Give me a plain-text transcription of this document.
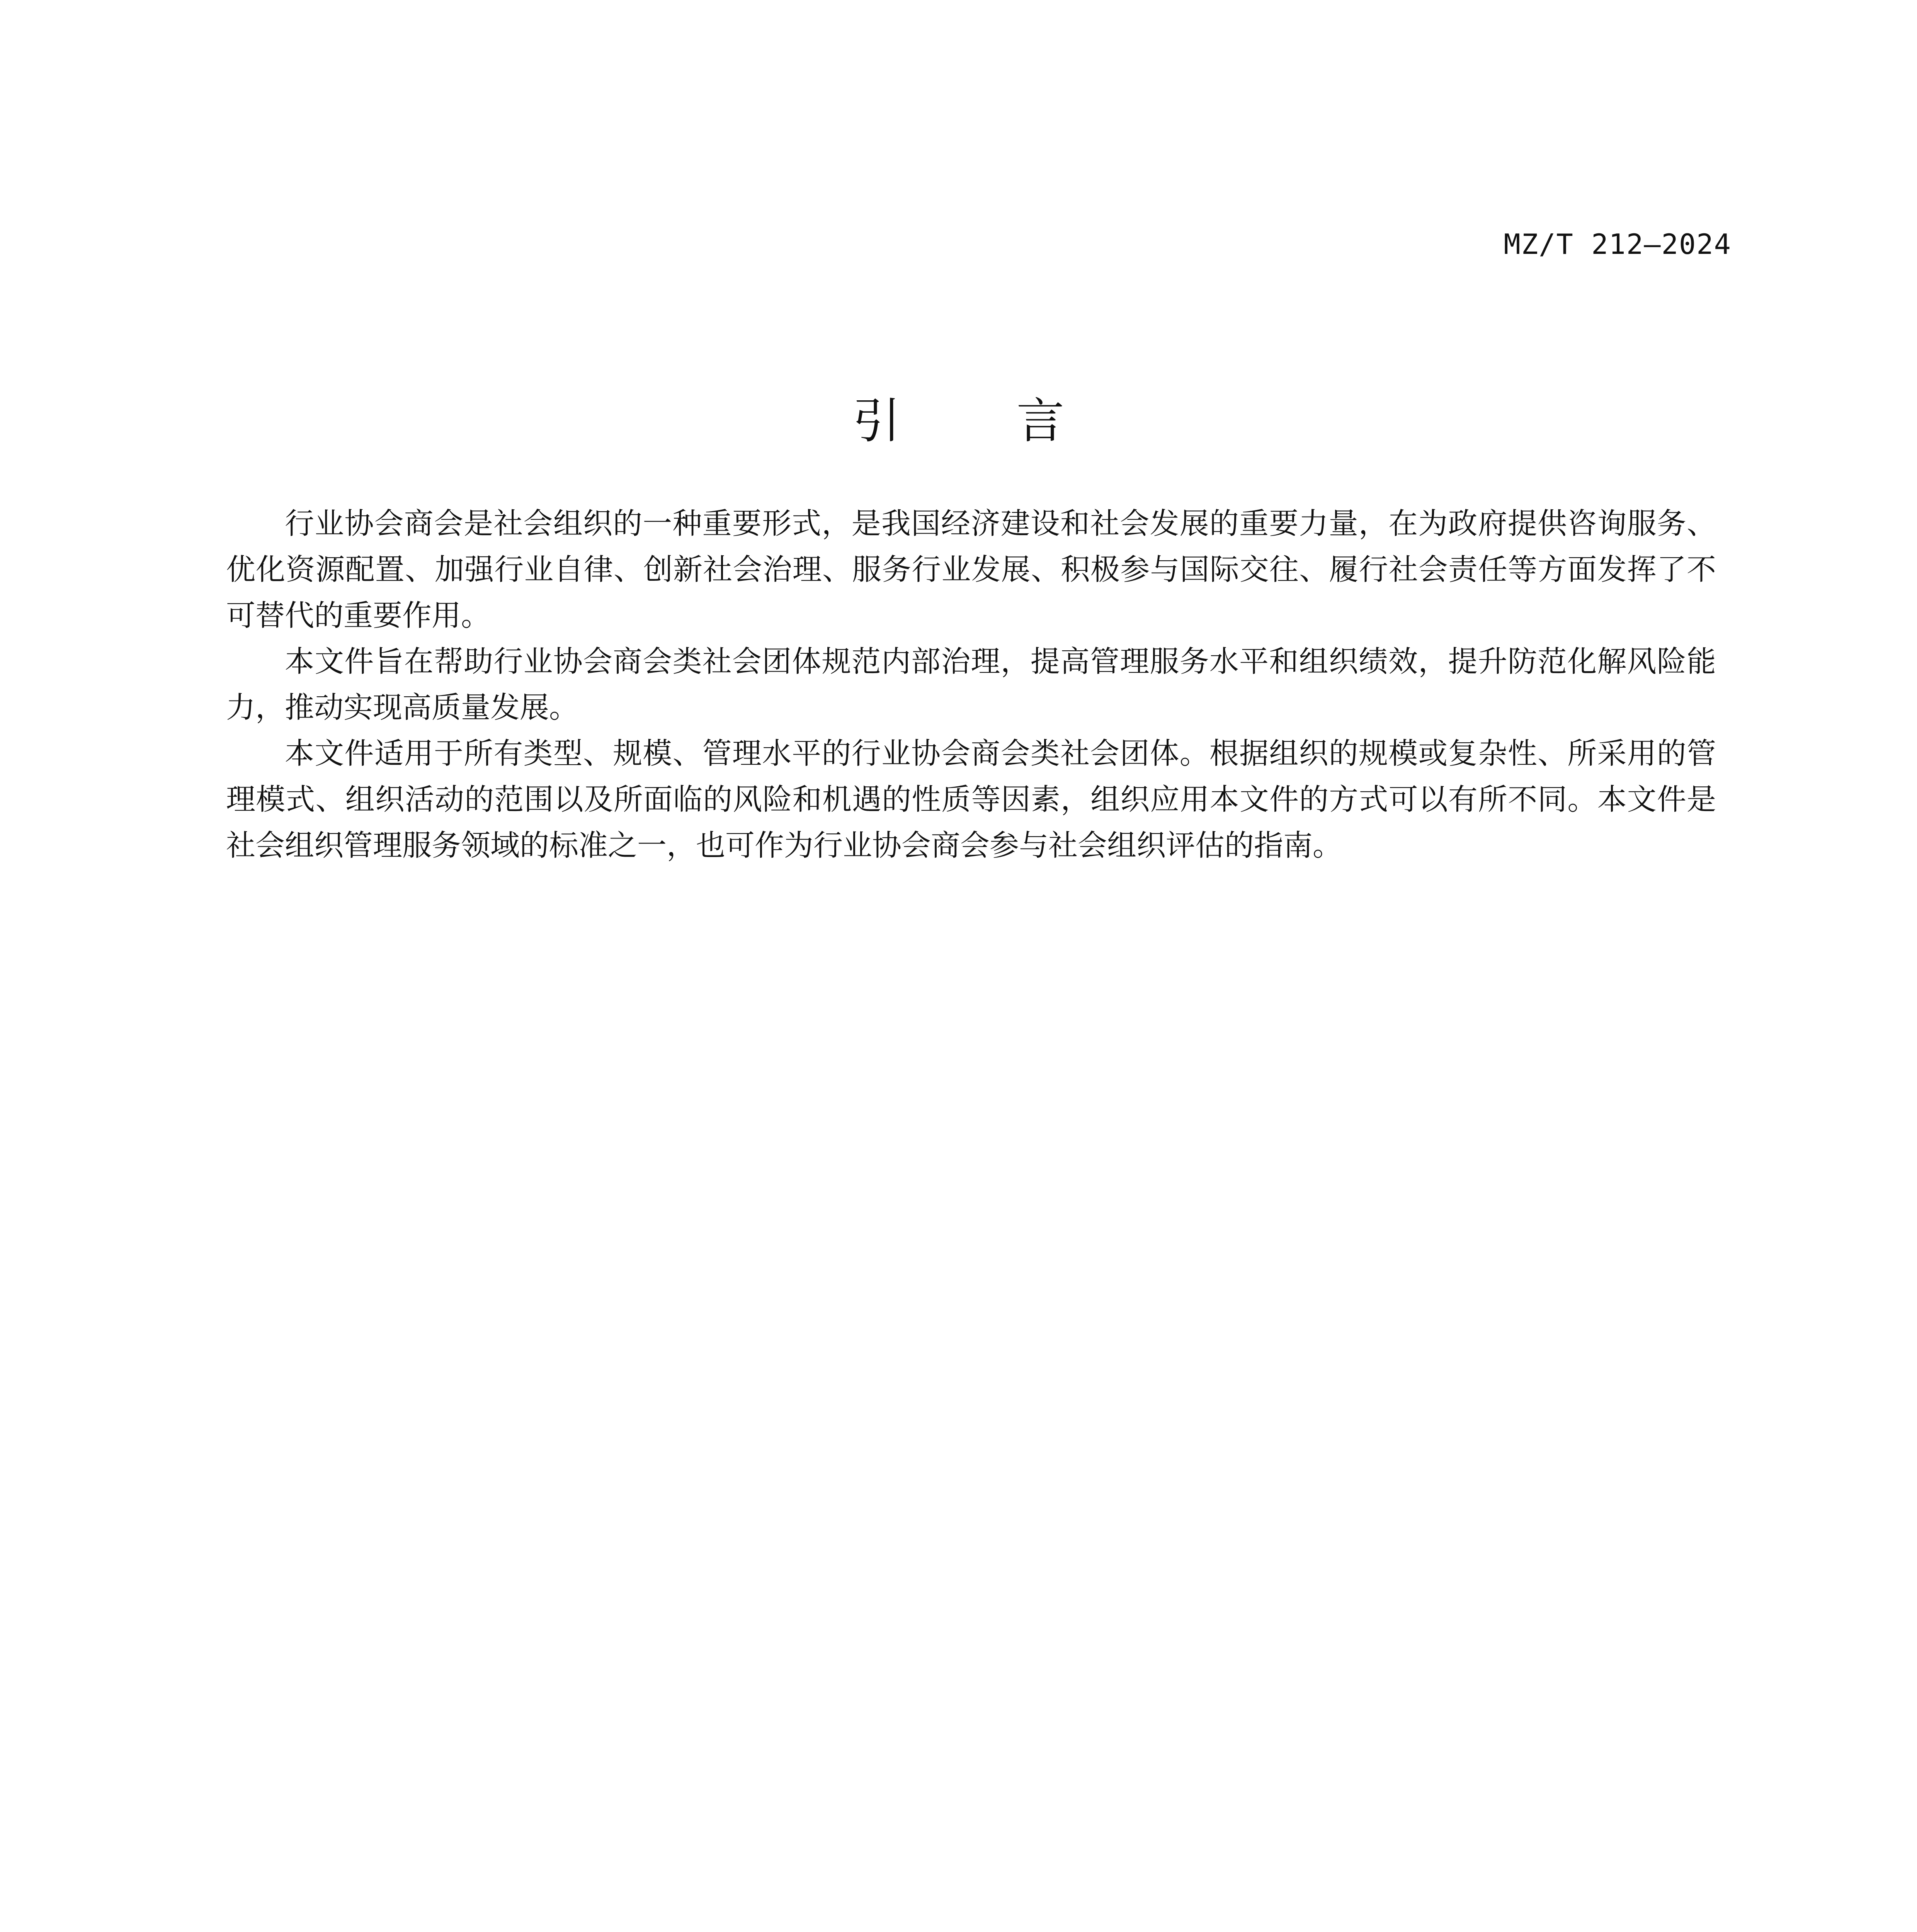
MZ/T 212—2024
引言

行业协会商会是社会组织的一种重要形式，是我国经济建设和社会发展的重要力量，在为政府提供咨询服务、优化资源配置、加强行业自律、创新社会治理、服务行业发展、积极参与国际交往、履行社会责任等方面发挥了不可替代的重要作用。

本文件旨在帮助行业协会商会类社会团体规范内部治理，提高管理服务水平和组织绩效，提升防范化解风险能力，推动实现高质量发展。

本文件适用于所有类型、规模、管理水平的行业协会商会类社会团体。根据组织的规模或复杂性、所采用的管理模式、组织活动的范围以及所面临的风险和机遇的性质等因素，组织应用本文件的方式可以有所不同。本文件是社会组织管理服务领域的标准之一，也可作为行业协会商会参与社会组织评估的指南。
